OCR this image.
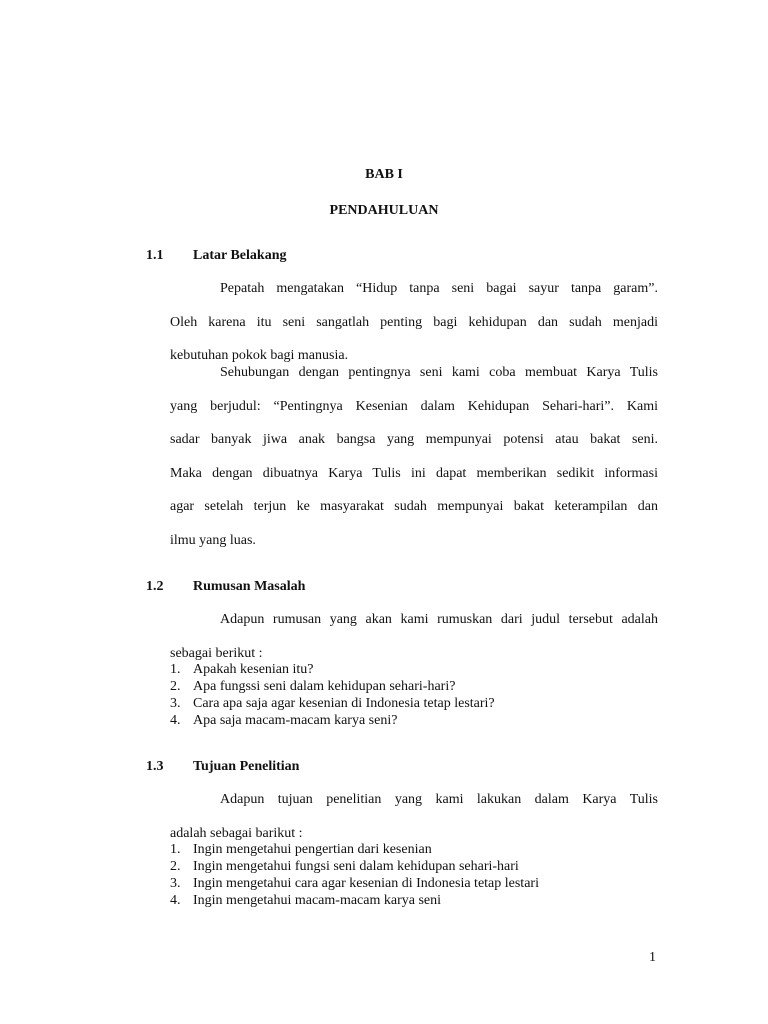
BAB I
PENDAHULUAN
1.1 Latar Belakang
Pepatah mengatakan “Hidup tanpa seni bagai sayur tanpa garam”.
Oleh karena itu seni sangatlah penting bagi kehidupan dan sudah menjadi
kebutuhan pokok bagi manusia.
Sehubungan dengan pentingnya seni kami coba membuat Karya Tulis
yang berjudul: “Pentingnya Kesenian dalam Kehidupan Sehari-hari”. Kami
sadar banyak jiwa anak bangsa yang mempunyai potensi atau bakat seni.
Maka dengan dibuatnya Karya Tulis ini dapat memberikan sedikit informasi
agar setelah terjun ke masyarakat sudah mempunyai bakat keterampilan dan
ilmu yang luas.
1.2 Rumusan Masalah
Adapun rumusan yang akan kami rumuskan dari judul tersebut adalah
sebagai berikut :
1. Apakah kesenian itu?
2. Apa fungssi seni dalam kehidupan sehari-hari?
3. Cara apa saja agar kesenian di Indonesia tetap lestari?
4. Apa saja macam-macam karya seni?
1.3 Tujuan Penelitian
Adapun tujuan penelitian yang kami lakukan dalam Karya Tulis
adalah sebagai barikut :
1. Ingin mengetahui pengertian dari kesenian
2. Ingin mengetahui fungsi seni dalam kehidupan sehari-hari
3. Ingin mengetahui cara agar kesenian di Indonesia tetap lestari
4. Ingin mengetahui macam-macam karya seni
1
